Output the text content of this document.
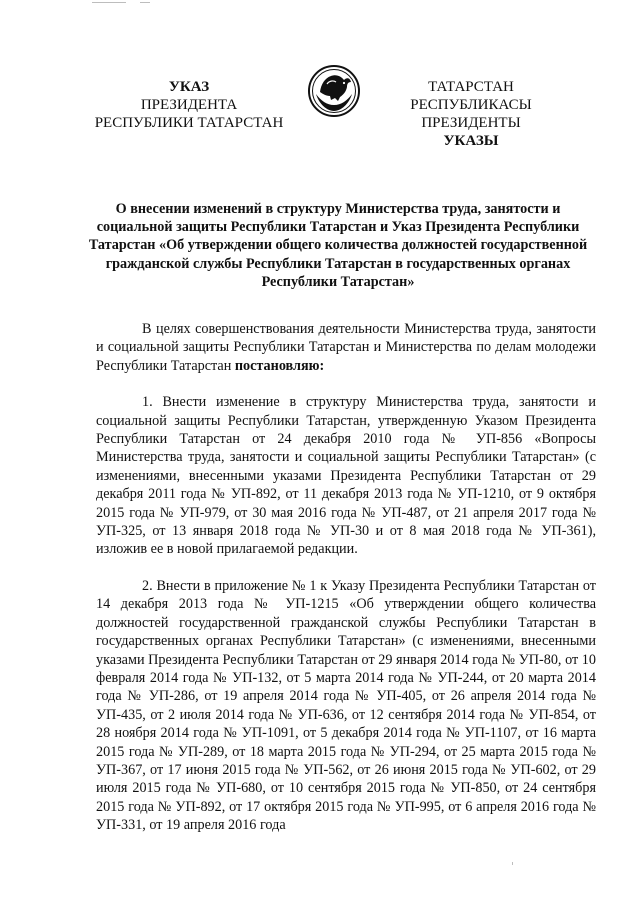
УКАЗ
ПРЕЗИДЕНТА
РЕСПУБЛИКИ ТАТАРСТАН
ТАТАРСТАН РЕСПУБЛИКАСЫ
ПРЕЗИДЕНТЫ
УКАЗЫ
О внесении изменений в структуру Министерства труда, занятости и социальной защиты Республики Татарстан и Указ Президента Республики Татарстан «Об утверждении общего количества должностей государственной гражданской службы Республики Татарстан в государственных органах Республики Татарстан»

В целях совершенствования деятельности Министерства труда, занятости и социальной защиты Республики Татарстан и Министерства по делам молодежи Республики Татарстан постановляю:

1. Внести изменение в структуру Министерства труда, занятости и социальной защиты Республики Татарстан, утвержденную Указом Президента Республики Татарстан от 24 декабря 2010 года № УП-856 «Вопросы Министерства труда, занятости и социальной защиты Республики Татарстан» (с изменениями, внесенными указами Президента Республики Татарстан от 29 декабря 2011 года № УП-892, от 11 декабря 2013 года № УП-1210, от 9 октября 2015 года № УП-979, от 30 мая 2016 года № УП-487, от 21 апреля 2017 года № УП-325, от 13 января 2018 года № УП-30 и от 8 мая 2018 года № УП-361), изложив ее в новой прилагаемой редакции.

2. Внести в приложение № 1 к Указу Президента Республики Татарстан от 14 декабря 2013 года № УП-1215 «Об утверждении общего количества должностей государственной гражданской службы Республики Татарстан в государственных органах Республики Татарстан» (с изменениями, внесенными указами Президента Республики Татарстан от 29 января 2014 года № УП-80, от 10 февраля 2014 года № УП-132, от 5 марта 2014 года № УП-244, от 20 марта 2014 года № УП-286, от 19 апреля 2014 года № УП-405, от 26 апреля 2014 года № УП-435, от 2 июля 2014 года № УП-636, от 12 сентября 2014 года № УП-854, от 28 ноября 2014 года № УП-1091, от 5 декабря 2014 года № УП-1107, от 16 марта 2015 года № УП-289, от 18 марта 2015 года № УП-294, от 25 марта 2015 года № УП-367, от 17 июня 2015 года № УП-562, от 26 июня 2015 года № УП-602, от 29 июля 2015 года № УП-680, от 10 сентября 2015 года № УП-850, от 24 сентября 2015 года № УП-892, от 17 октября 2015 года № УП-995, от 6 апреля 2016 года № УП-331, от 19 апреля 2016 года
